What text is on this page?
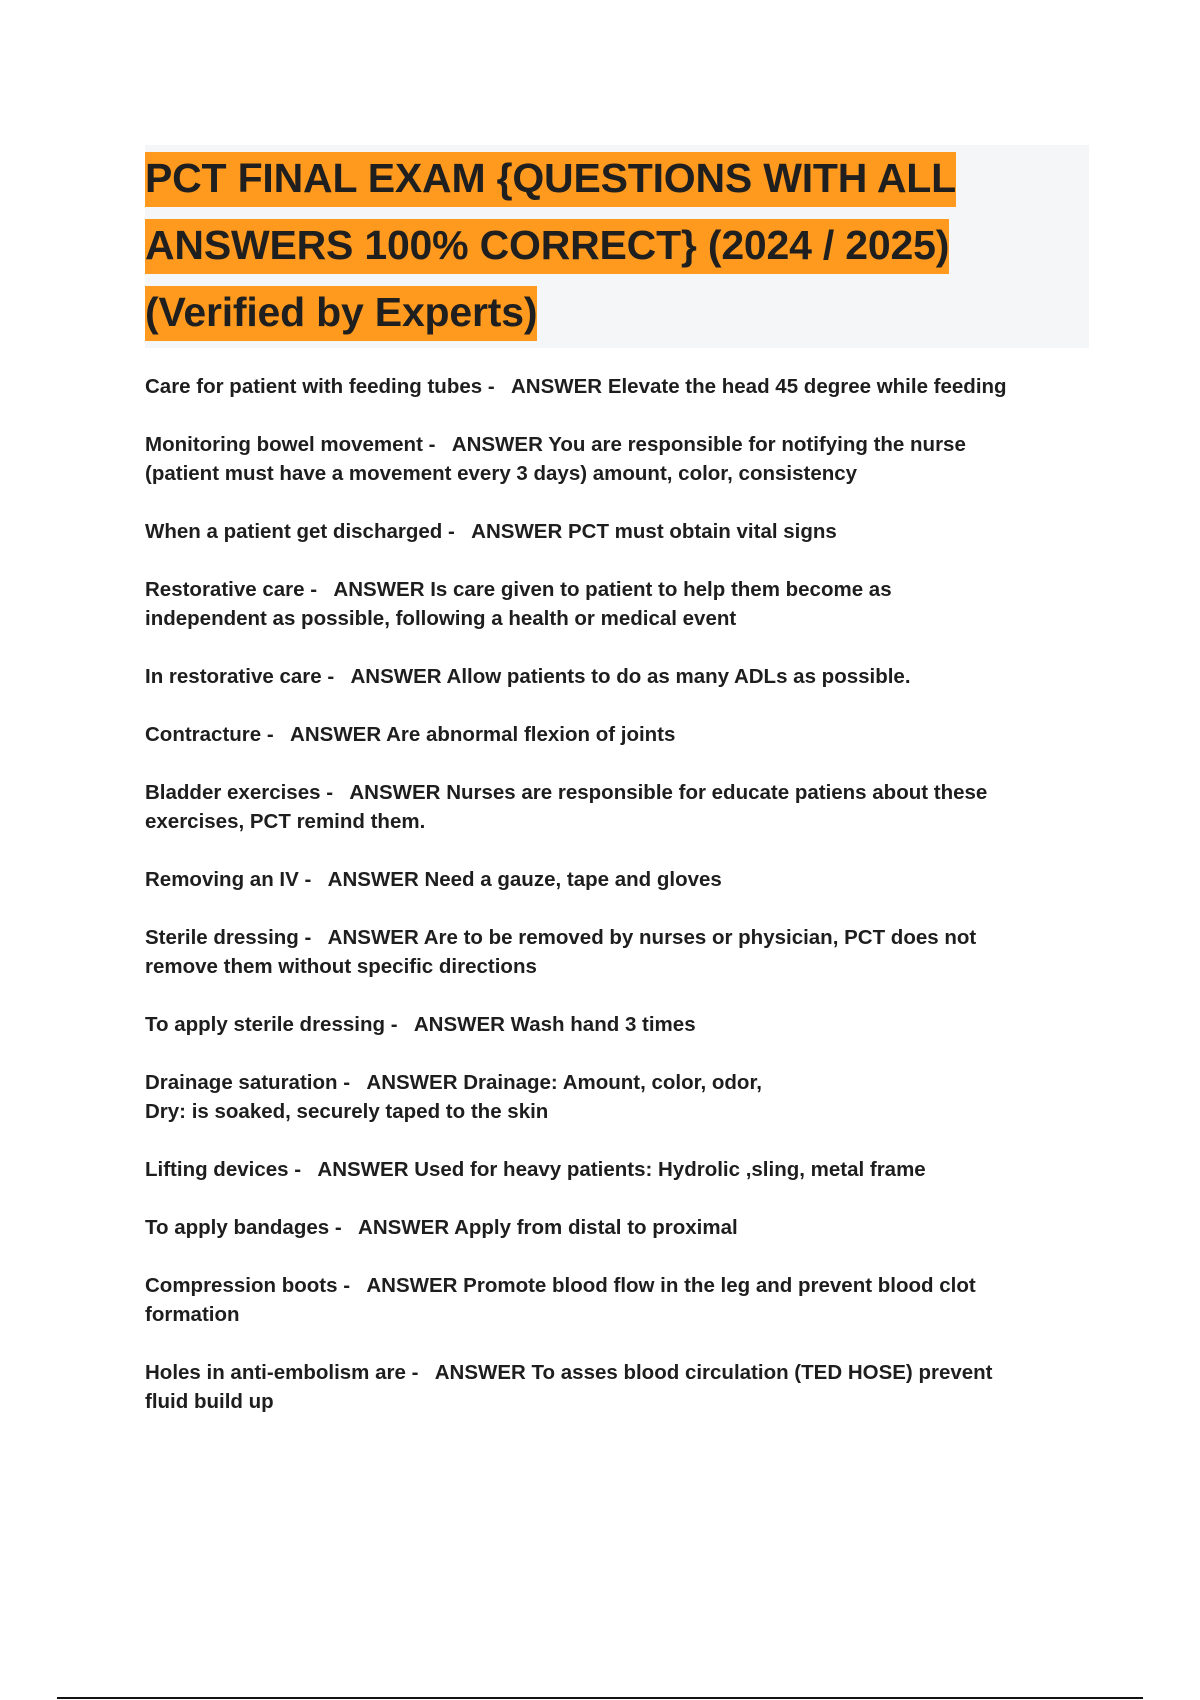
PCT FINAL EXAM {QUESTIONS WITH ALL ANSWERS 100% CORRECT} (2024 / 2025) (Verified by Experts)
Care for patient with feeding tubes -   ANSWER Elevate the head 45 degree while feeding
Monitoring bowel movement -   ANSWER You are responsible for notifying the nurse
(patient must have a movement every 3 days) amount, color, consistency
When a patient get discharged -   ANSWER PCT must obtain vital signs
Restorative care -   ANSWER Is care given to patient to help them become as
independent as possible, following a health or medical event
In restorative care -   ANSWER Allow patients to do as many ADLs as possible.
Contracture -   ANSWER Are abnormal flexion of joints
Bladder exercises -   ANSWER Nurses are responsible for educate patiens about these
exercises, PCT remind them.
Removing an IV -   ANSWER Need a gauze, tape and gloves
Sterile dressing -   ANSWER Are to be removed by nurses or physician, PCT does not
remove them without specific directions
To apply sterile dressing -   ANSWER Wash hand 3 times
Drainage saturation -   ANSWER Drainage: Amount, color, odor,
Dry: is soaked, securely taped to the skin
Lifting devices -   ANSWER Used for heavy patients: Hydrolic ,sling, metal frame
To apply bandages -   ANSWER Apply from distal to proximal
Compression boots -   ANSWER Promote blood flow in the leg and prevent blood clot
formation
Holes in anti-embolism are -   ANSWER To asses blood circulation (TED HOSE) prevent
fluid build up
